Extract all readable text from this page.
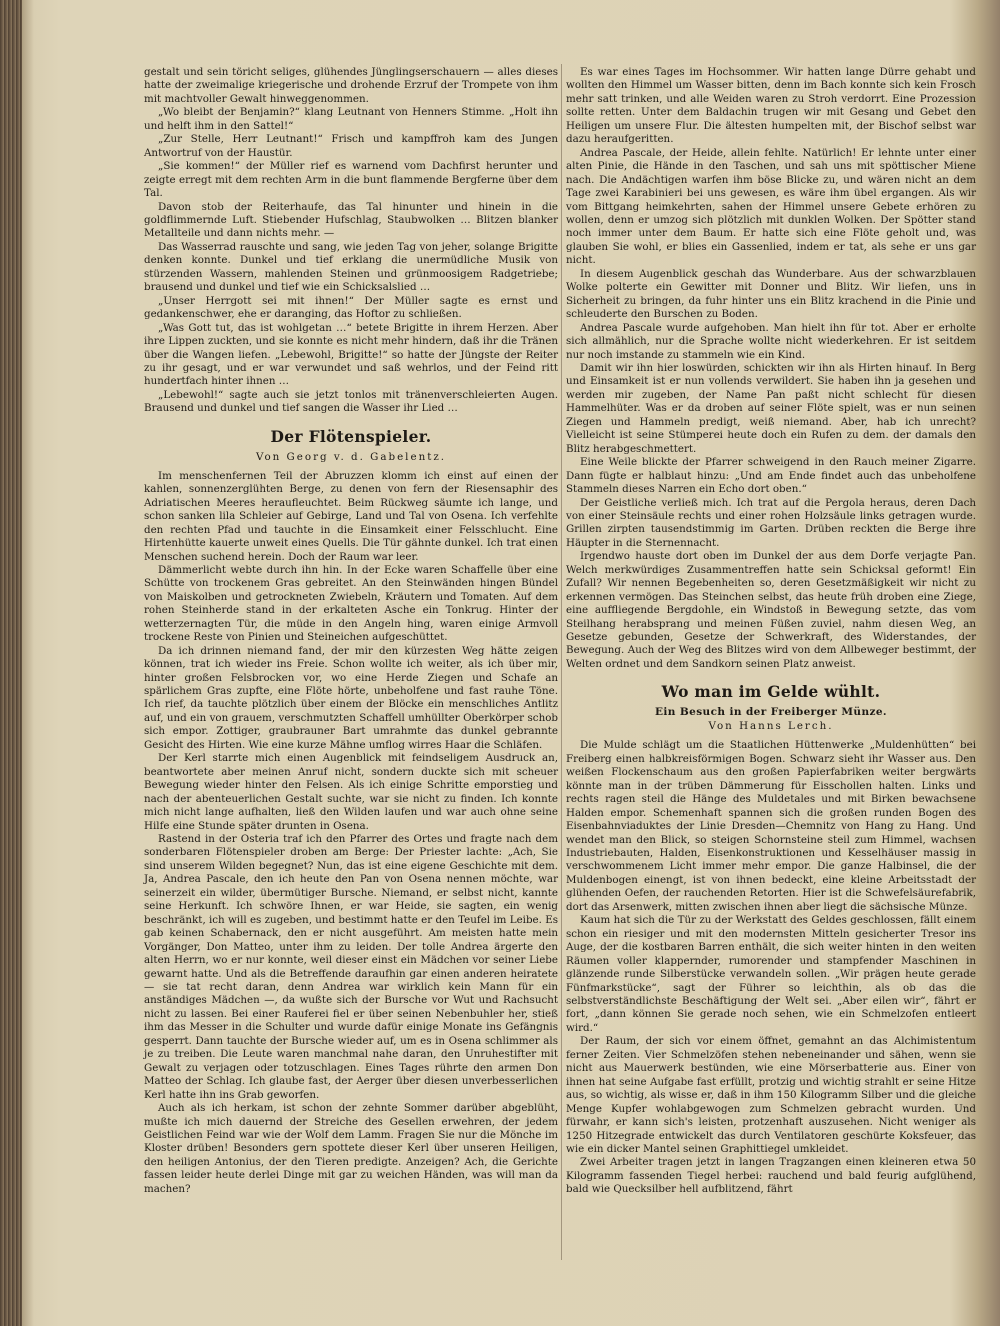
gestalt und sein töricht seliges, glühendes Jünglingserschauern — alles dieses hatte der zweimalige kriegerische und drohende Erzruf der Trompete von ihm mit machtvoller Gewalt hinweggenommen.

„Wo bleibt der Benjamin?“ klang Leutnant von Henners Stimme. „Holt ihn und helft ihm in den Sattel!“

„Zur Stelle, Herr Leutnant!“ Frisch und kampffroh kam des Jungen Antwortruf von der Haustür.

„Sie kommen!“ der Müller rief es warnend vom Dachfirst herunter und zeigte erregt mit dem rechten Arm in die bunt flammende Bergferne über dem Tal.

Davon stob der Reiterhaufe, das Tal hinunter und hinein in die goldflimmernde Luft. Stiebender Hufschlag, Staubwolken … Blitzen blanker Metallteile und dann nichts mehr. —

Das Wasserrad rauschte und sang, wie jeden Tag von jeher, solange Brigitte denken konnte. Dunkel und tief erklang die unermüdliche Musik von stürzenden Wassern, mahlenden Steinen und grünmoosigem Radgetriebe; brausend und dunkel und tief wie ein Schicksalslied …

„Unser Herrgott sei mit ihnen!“ Der Müller sagte es ernst und gedankenschwer, ehe er daranging, das Hoftor zu schließen.

„Was Gott tut, das ist wohlgetan …“ betete Brigitte in ihrem Herzen. Aber ihre Lippen zuckten, und sie konnte es nicht mehr hindern, daß ihr die Tränen über die Wangen liefen. „Lebewohl, Brigitte!“ so hatte der Jüngste der Reiter zu ihr gesagt, und er war verwundet und saß wehrlos, und der Feind ritt hundertfach hinter ihnen …

„Lebewohl!“ sagte auch sie jetzt tonlos mit tränenverschleierten Augen. Brausend und dunkel und tief sangen die Wasser ihr Lied …

Der Flötenspieler.
Von Georg v. d. Gabelentz.

Im menschenfernen Teil der Abruzzen klomm ich einst auf einen der kahlen, sonnenzerglühten Berge, zu denen von fern der Riesensaphir des Adriatischen Meeres heraufleuchtet. Beim Rückweg säumte ich lange, und schon sanken lila Schleier auf Gebirge, Land und Tal von Osena. Ich verfehlte den rechten Pfad und tauchte in die Einsamkeit einer Felsschlucht. Eine Hirtenhütte kauerte unweit eines Quells. Die Tür gähnte dunkel. Ich trat einen Menschen suchend herein. Doch der Raum war leer.

Dämmerlicht webte durch ihn hin. In der Ecke waren Schaffelle über eine Schütte von trockenem Gras gebreitet. An den Steinwänden hingen Bündel von Maiskolben und getrockneten Zwiebeln, Kräutern und Tomaten. Auf dem rohen Steinherde stand in der erkalteten Asche ein Tonkrug. Hinter der wetterzernagten Tür, die müde in den Angeln hing, waren einige Armvoll trockene Reste von Pinien und Steineichen aufgeschüttet.

Da ich drinnen niemand fand, der mir den kürzesten Weg hätte zeigen können, trat ich wieder ins Freie. Schon wollte ich weiter, als ich über mir, hinter großen Felsbrocken vor, wo eine Herde Ziegen und Schafe an spärlichem Gras zupfte, eine Flöte hörte, unbeholfene und fast rauhe Töne. Ich rief, da tauchte plötzlich über einem der Blöcke ein menschliches Antlitz auf, und ein von grauem, verschmutzten Schaffell umhüllter Oberkörper schob sich empor. Zottiger, graubrauner Bart umrahmte das dunkel gebrannte Gesicht des Hirten. Wie eine kurze Mähne umflog wirres Haar die Schläfen.

Der Kerl starrte mich einen Augenblick mit feindseligem Ausdruck an, beantwortete aber meinen Anruf nicht, sondern duckte sich mit scheuer Bewegung wieder hinter den Felsen. Als ich einige Schritte emporstieg und nach der abenteuerlichen Gestalt suchte, war sie nicht zu finden. Ich konnte mich nicht lange aufhalten, ließ den Wilden laufen und war auch ohne seine Hilfe eine Stunde später drunten in Osena.

Rastend in der Osteria traf ich den Pfarrer des Ortes und fragte nach dem sonderbaren Flötenspieler droben am Berge: Der Priester lachte: „Ach, Sie sind unserem Wilden begegnet? Nun, das ist eine eigene Geschichte mit dem. Ja, Andrea Pascale, den ich heute den Pan von Osena nennen möchte, war seinerzeit ein wilder, übermütiger Bursche. Niemand, er selbst nicht, kannte seine Herkunft. Ich schwöre Ihnen, er war Heide, sie sagten, ein wenig beschränkt, ich will es zugeben, und bestimmt hatte er den Teufel im Leibe. Es gab keinen Schabernack, den er nicht ausgeführt. Am meisten hatte mein Vorgänger, Don Matteo, unter ihm zu leiden. Der tolle Andrea ärgerte den alten Herrn, wo er nur konnte, weil dieser einst ein Mädchen vor seiner Liebe gewarnt hatte. Und als die Betreffende daraufhin gar einen anderen heiratete — sie tat recht daran, denn Andrea war wirklich kein Mann für ein anständiges Mädchen —, da wußte sich der Bursche vor Wut und Rachsucht nicht zu lassen. Bei einer Rauferei fiel er über seinen Nebenbuhler her, stieß ihm das Messer in die Schulter und wurde dafür einige Monate ins Gefängnis gesperrt. Dann tauchte der Bursche wieder auf, um es in Osena schlimmer als je zu treiben. Die Leute waren manchmal nahe daran, den Unruhestifter mit Gewalt zu verjagen oder totzuschlagen. Eines Tages rührte den armen Don Matteo der Schlag. Ich glaube fast, der Aerger über diesen unverbesserlichen Kerl hatte ihn ins Grab geworfen.

Auch als ich herkam, ist schon der zehnte Sommer darüber abgeblüht, mußte ich mich dauernd der Streiche des Gesellen erwehren, der jedem Geistlichen Feind war wie der Wolf dem Lamm. Fragen Sie nur die Mönche im Kloster drüben! Besonders gern spottete dieser Kerl über unseren Heiligen, den heiligen Antonius, der den Tieren predigte. Anzeigen? Ach, die Gerichte fassen leider heute derlei Dinge mit gar zu weichen Händen, was will man da machen?

Es war eines Tages im Hochsommer. Wir hatten lange Dürre gehabt und wollten den Himmel um Wasser bitten, denn im Bach konnte sich kein Frosch mehr satt trinken, und alle Weiden waren zu Stroh verdorrt. Eine Prozession sollte retten. Unter dem Baldachin trugen wir mit Gesang und Gebet den Heiligen um unsere Flur. Die ältesten humpelten mit, der Bischof selbst war dazu heraufgeritten.

Andrea Pascale, der Heide, allein fehlte. Natürlich! Er lehnte unter einer alten Pinie, die Hände in den Taschen, und sah uns mit spöttischer Miene nach. Die Andächtigen warfen ihm böse Blicke zu, und wären nicht an dem Tage zwei Karabinieri bei uns gewesen, es wäre ihm übel ergangen. Als wir vom Bittgang heimkehrten, sahen der Himmel unsere Gebete erhören zu wollen, denn er umzog sich plötzlich mit dunklen Wolken. Der Spötter stand noch immer unter dem Baum. Er hatte sich eine Flöte geholt und, was glauben Sie wohl, er blies ein Gassenlied, indem er tat, als sehe er uns gar nicht.

In diesem Augenblick geschah das Wunderbare. Aus der schwarzblauen Wolke polterte ein Gewitter mit Donner und Blitz. Wir liefen, uns in Sicherheit zu bringen, da fuhr hinter uns ein Blitz krachend in die Pinie und schleuderte den Burschen zu Boden.

Andrea Pascale wurde aufgehoben. Man hielt ihn für tot. Aber er erholte sich allmählich, nur die Sprache wollte nicht wiederkehren. Er ist seitdem nur noch imstande zu stammeln wie ein Kind.

Damit wir ihn hier loswürden, schickten wir ihn als Hirten hinauf. In Berg und Einsamkeit ist er nun vollends verwildert. Sie haben ihn ja gesehen und werden mir zugeben, der Name Pan paßt nicht schlecht für diesen Hammelhüter. Was er da droben auf seiner Flöte spielt, was er nun seinen Ziegen und Hammeln predigt, weiß niemand. Aber, hab ich unrecht? Vielleicht ist seine Stümperei heute doch ein Rufen zu dem. der damals den Blitz herabgeschmettert.

Eine Weile blickte der Pfarrer schweigend in den Rauch meiner Zigarre. Dann fügte er halblaut hinzu: „Und am Ende findet auch das unbeholfene Stammeln dieses Narren ein Echo dort oben.“

Der Geistliche verließ mich. Ich trat auf die Pergola heraus, deren Dach von einer Steinsäule rechts und einer rohen Holzsäule links getragen wurde. Grillen zirpten tausendstimmig im Garten. Drüben reckten die Berge ihre Häupter in die Sternennacht.

Irgendwo hauste dort oben im Dunkel der aus dem Dorfe verjagte Pan. Welch merkwürdiges Zusammentreffen hatte sein Schicksal geformt! Ein Zufall? Wir nennen Begebenheiten so, deren Gesetzmäßigkeit wir nicht zu erkennen vermögen. Das Steinchen selbst, das heute früh droben eine Ziege, eine auffliegende Bergdohle, ein Windstoß in Bewegung setzte, das vom Steilhang herabsprang und meinen Füßen zuviel, nahm diesen Weg, an Gesetze gebunden, Gesetze der Schwerkraft, des Widerstandes, der Bewegung. Auch der Weg des Blitzes wird von dem Allbeweger bestimmt, der Welten ordnet und dem Sandkorn seinen Platz anweist.

Wo man im Gelde wühlt.
Ein Besuch in der Freiberger Münze.
Von Hanns Lerch.

Die Mulde schlägt um die Staatlichen Hüttenwerke „Muldenhütten“ bei Freiberg einen halbkreisförmigen Bogen. Schwarz sieht ihr Wasser aus. Den weißen Flockenschaum aus den großen Papierfabriken weiter bergwärts könnte man in der trüben Dämmerung für Eisschollen halten. Links und rechts ragen steil die Hänge des Muldetales und mit Birken bewachsene Halden empor. Schemenhaft spannen sich die großen runden Bogen des Eisenbahnviaduktes der Linie Dresden—Chemnitz von Hang zu Hang. Und wendet man den Blick, so steigen Schornsteine steil zum Himmel, wachsen Industriebauten, Halden, Eisenkonstruktionen und Kesselhäuser massig in verschwommenem Licht immer mehr empor. Die ganze Halbinsel, die der Muldenbogen einengt, ist von ihnen bedeckt, eine kleine Arbeitsstadt der glühenden Oefen, der rauchenden Retorten. Hier ist die Schwefelsäurefabrik, dort das Arsenwerk, mitten zwischen ihnen aber liegt die sächsische Münze.

Kaum hat sich die Tür zu der Werkstatt des Geldes geschlossen, fällt einem schon ein riesiger und mit den modernsten Mitteln gesicherter Tresor ins Auge, der die kostbaren Barren enthält, die sich weiter hinten in den weiten Räumen voller klappernder, rumorender und stampfender Maschinen in glänzende runde Silberstücke verwandeln sollen. „Wir prägen heute gerade Fünfmarkstücke“, sagt der Führer so leichthin, als ob das die selbstverständlichste Beschäftigung der Welt sei. „Aber eilen wir“, fährt er fort, „dann können Sie gerade noch sehen, wie ein Schmelzofen entleert wird.“

Der Raum, der sich vor einem öffnet, gemahnt an das Alchimistentum ferner Zeiten. Vier Schmelzöfen stehen nebeneinander und sähen, wenn sie nicht aus Mauerwerk bestünden, wie eine Mörserbatterie aus. Einer von ihnen hat seine Aufgabe fast erfüllt, protzig und wichtig strahlt er seine Hitze aus, so wichtig, als wisse er, daß in ihm 150 Kilogramm Silber und die gleiche Menge Kupfer wohlabgewogen zum Schmelzen gebracht wurden. Und fürwahr, er kann sich's leisten, protzenhaft auszusehen. Nicht weniger als 1250 Hitzegrade entwickelt das durch Ventilatoren geschürte Koksfeuer, das wie ein dicker Mantel seinen Graphittiegel umkleidet.

Zwei Arbeiter tragen jetzt in langen Tragzangen einen kleineren etwa 50 Kilogramm fassenden Tiegel herbei: rauchend und bald feurig aufglühend, bald wie Quecksilber hell aufblitzend, fährt
